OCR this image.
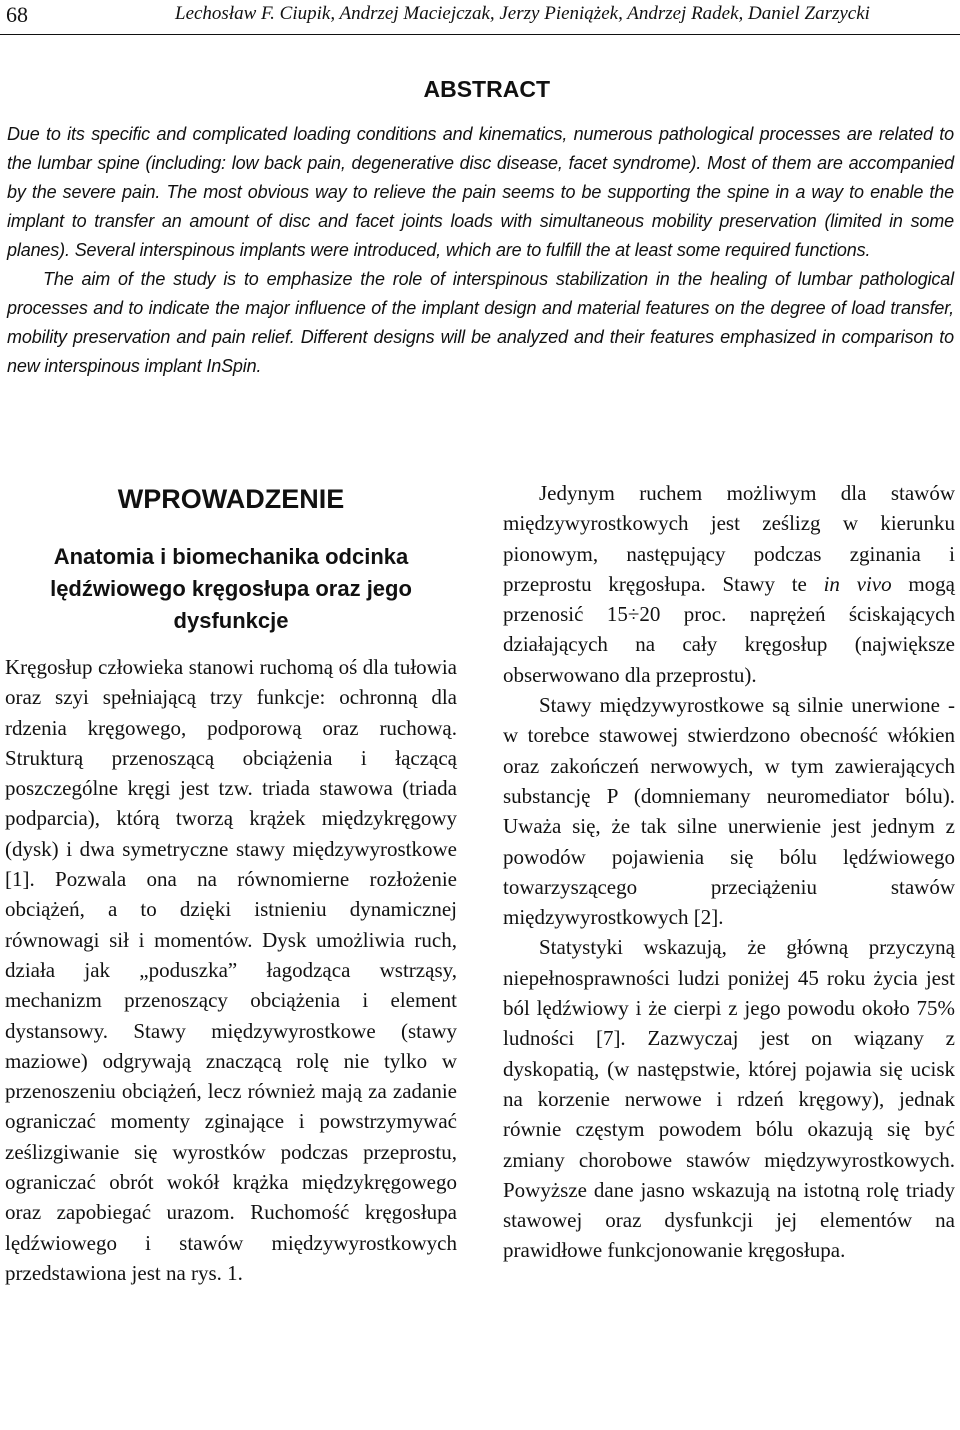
68	Lechosław F. Ciupik, Andrzej Maciejczak, Jerzy Pieniążek, Andrzej Radek, Daniel Zarzycki
ABSTRACT

Due to its specific and complicated loading conditions and kinematics, numerous pathological processes are related to the lumbar spine (including: low back pain, degenerative disc disease, facet syndrome). Most of them are accompanied by the severe pain. The most obvious way to relieve the pain seems to be supporting the spine in a way to enable the implant to transfer an amount of disc and facet joints loads with simultaneous mobility preservation (limited in some planes). Several interspinous implants were introduced, which are to fulfill the at least some required functions.

The aim of the study is to emphasize the role of interspinous stabilization in the healing of lumbar pathological processes and to indicate the major influence of the implant design and material features on the degree of load transfer, mobility preservation and pain relief. Different designs will be analyzed and their features emphasized in comparison to new interspinous implant InSpin.

WPROWADZENIE
Anatomia i biomechanika odcinka lędźwiowego kręgosłupa oraz jego dysfunkcje

Kręgosłup człowieka stanowi ruchomą oś dla tułowia oraz szyi spełniającą trzy funkcje: ochronną dla rdzenia kręgowego, podporową oraz ruchową. Strukturą przenoszącą obciążenia i łączącą poszczególne kręgi jest tzw. triada stawowa (triada podparcia), którą tworzą krążek międzykręgowy (dysk) i dwa symetryczne stawy międzywyrostkowe [1]. Pozwala ona na równomierne rozłożenie obciążeń, a to dzięki istnieniu dynamicznej równowagi sił i momentów. Dysk umożliwia ruch, działa jak „poduszka” łagodząca wstrząsy, mechanizm przenoszący obciążenia i element dystansowy. Stawy międzywyrostkowe (stawy maziowe) odgrywają znaczącą rolę nie tylko w przenoszeniu obciążeń, lecz również mają za zadanie ograniczać momenty zginające i powstrzymywać ześlizgiwanie się wyrostków podczas przeprostu, ograniczać obrót wokół krążka międzykręgowego oraz zapobiegać urazom. Ruchomość kręgosłupa lędźwiowego i stawów międzywyrostkowych przedstawiona jest na rys. 1.

Jedynym ruchem możliwym dla stawów międzywyrostkowych jest ześlizg w kierunku pionowym, następujący podczas zginania i przeprostu kręgosłupa. Stawy te in vivo mogą przenosić 15÷20 proc. naprężeń ściskających działających na cały kręgosłup (największe obserwowano dla przeprostu).

Stawy międzywyrostkowe są silnie unerwione - w torebce stawowej stwierdzono obecność włókien oraz zakończeń nerwowych, w tym zawierających substancję P (domniemany neuromediator bólu). Uważa się, że tak silne unerwienie jest jednym z powodów pojawienia się bólu lędźwiowego towarzyszącego przeciążeniu stawów międzywyrostkowych [2].

Statystyki wskazują, że główną przyczyną niepełnosprawności ludzi poniżej 45 roku życia jest ból lędźwiowy i że cierpi z jego powodu około 75% ludności [7]. Zazwyczaj jest on wiązany z dyskopatią, (w następstwie, której pojawia się ucisk na korzenie nerwowe i rdzeń kręgowy), jednak równie częstym powodem bólu okazują się być zmiany chorobowe stawów międzywyrostkowych. Powyższe dane jasno wskazują na istotną rolę triady stawowej oraz dysfunkcji jej elementów na prawidłowe funkcjonowanie kręgosłupa.
